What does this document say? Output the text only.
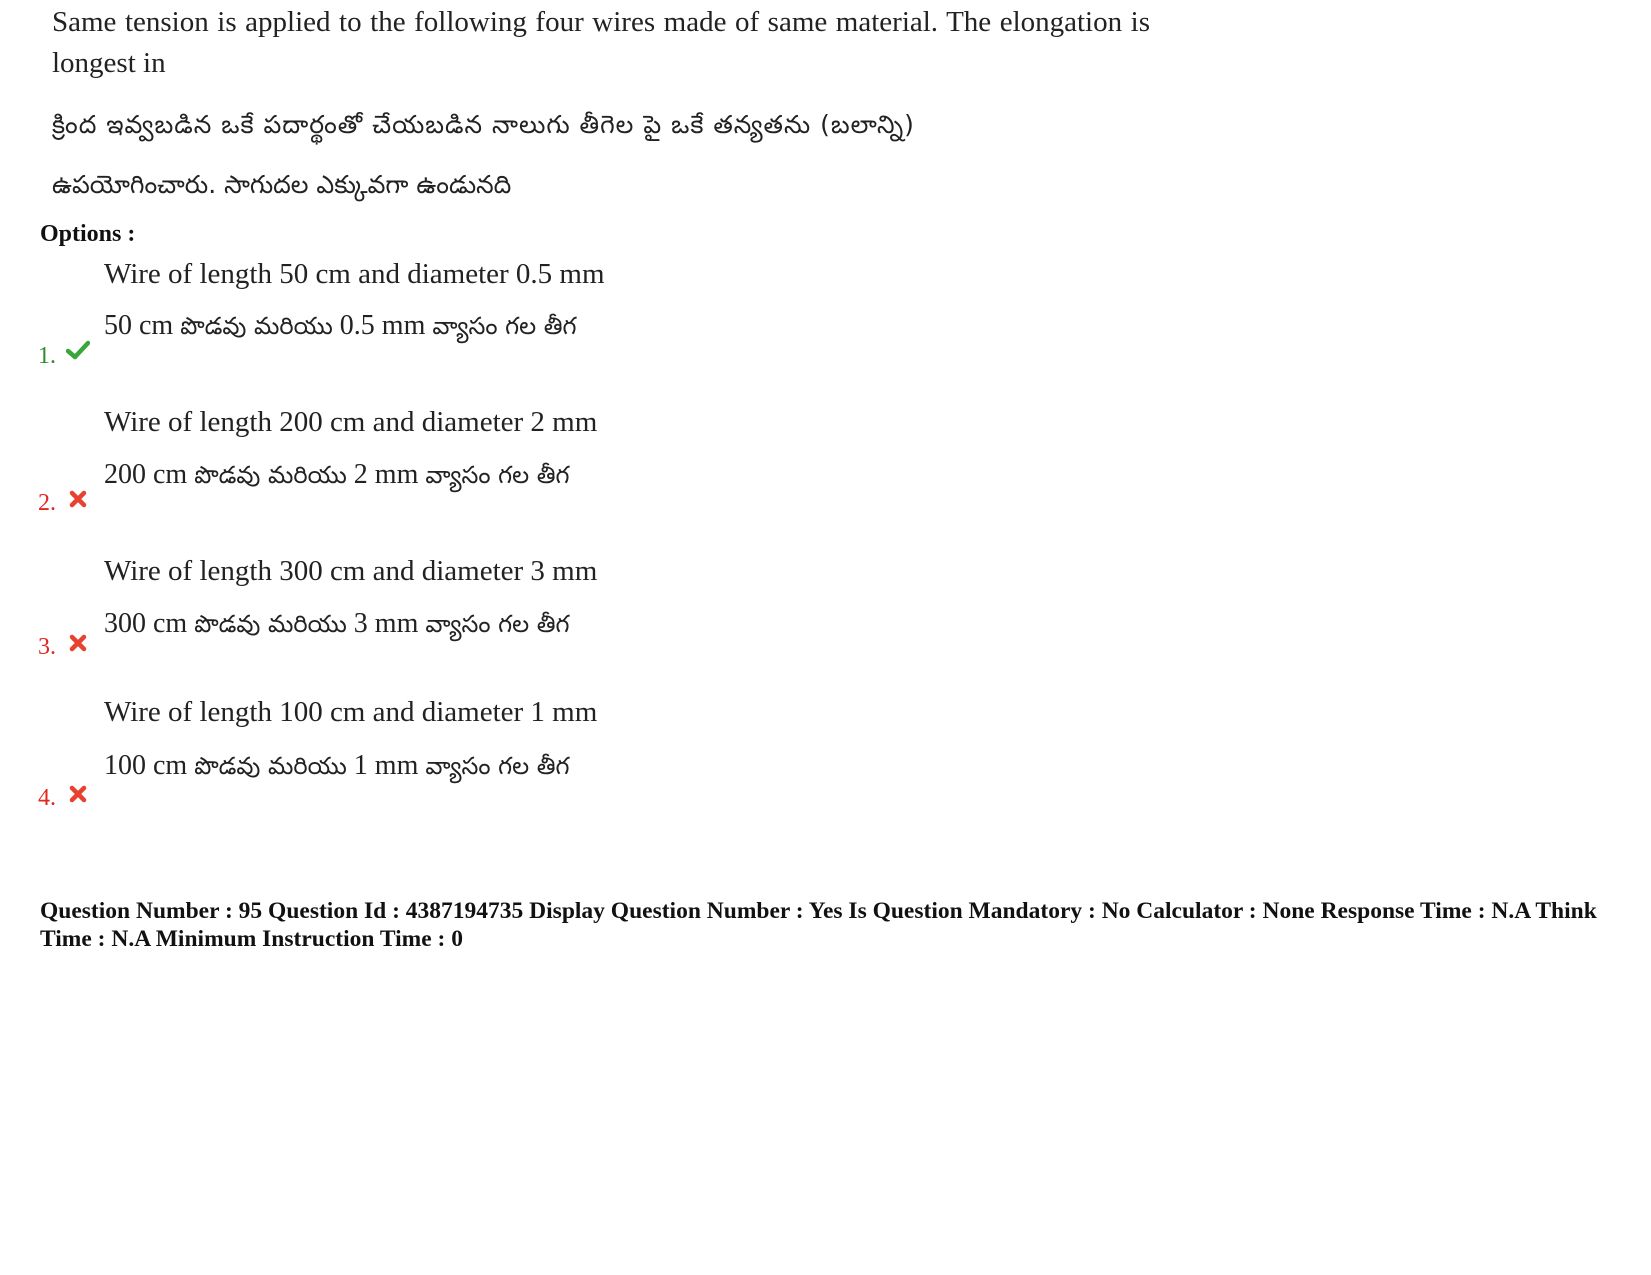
Same tension is applied to the following four wires made of same material. The elongation is longest in
క్రింద ఇవ్వబడిన ఒకే పదార్థంతో చేయబడిన నాలుగు తీగెల పై ఒకే తన్యతను (బలాన్ని)
ఉపయోగించారు. సాగుదల ఎక్కువగా ఉండునది
Options :
Wire of length 50 cm and diameter 0.5 mm
50 cm పొడవు మరియు 0.5 mm వ్యాసం గల తీగ
1.
Wire of length 200 cm and diameter 2 mm
200 cm పొడవు మరియు 2 mm వ్యాసం గల తీగ
2.
Wire of length 300 cm and diameter 3 mm
300 cm పొడవు మరియు 3 mm వ్యాసం గల తీగ
3.
Wire of length 100 cm and diameter 1 mm
100 cm పొడవు మరియు 1 mm వ్యాసం గల తీగ
4.
Question Number : 95 Question Id : 4387194735 Display Question Number : Yes Is Question Mandatory : No Calculator : None Response Time : N.A Think Time : N.A Minimum Instruction Time : 0
